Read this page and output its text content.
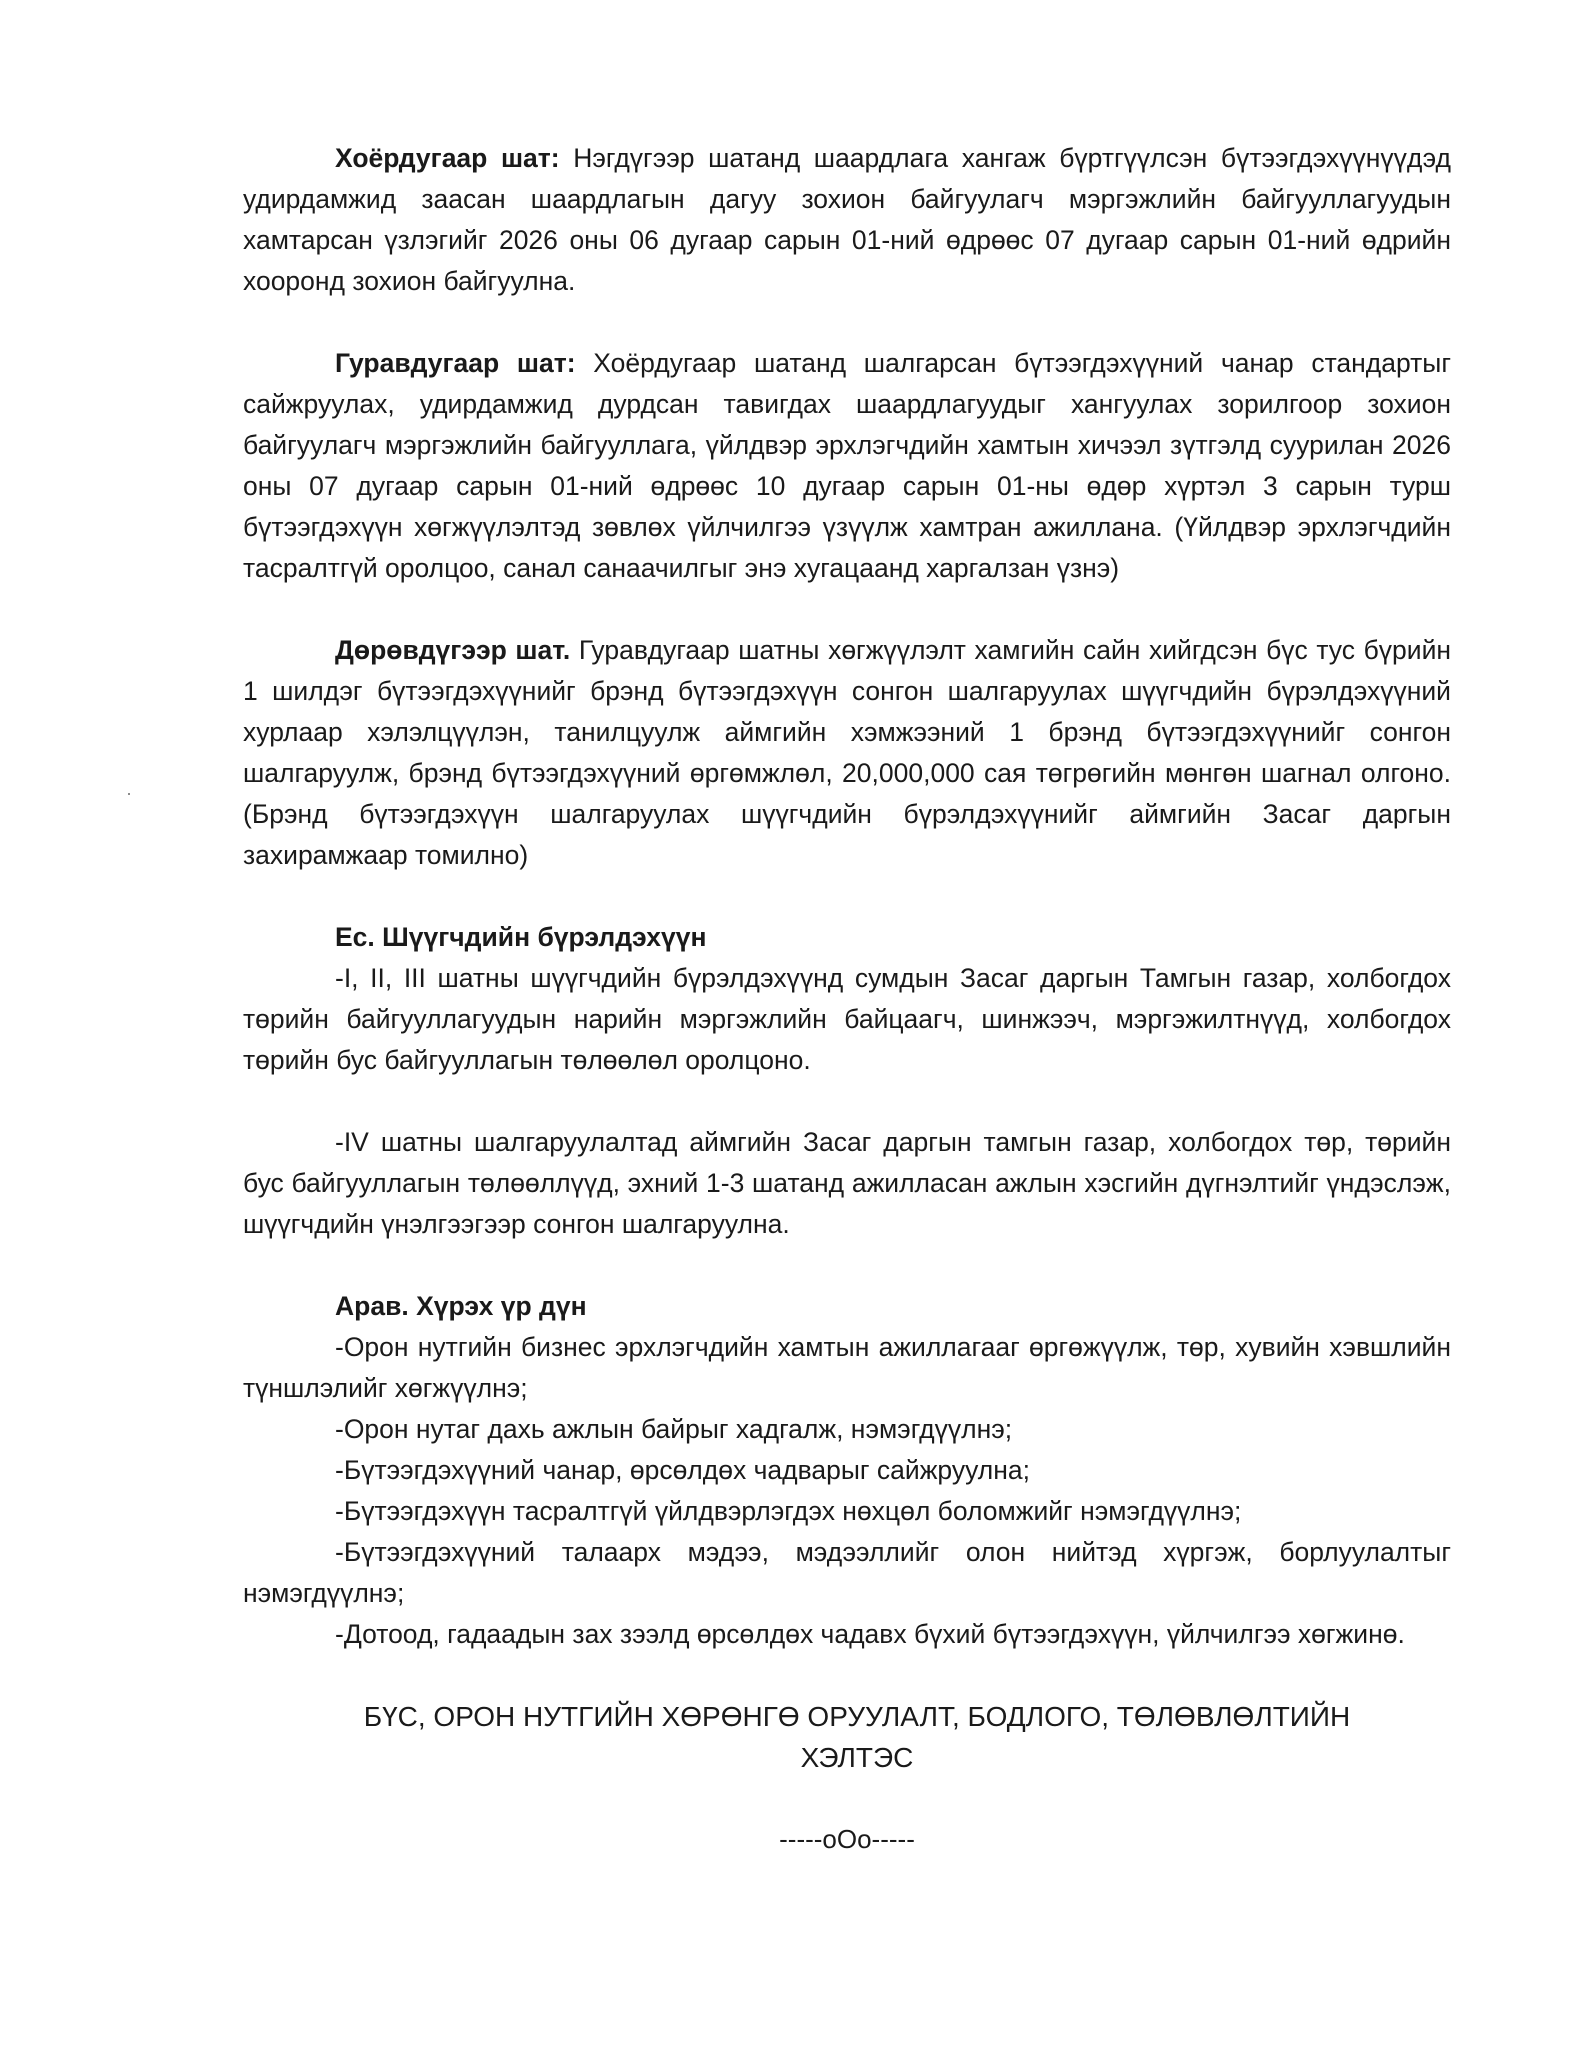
Хоёрдугаар шат: Нэгдүгээр шатанд шаардлага хангаж бүртгүүлсэн бүтээгдэхүүнүүдэд удирдамжид заасан шаардлагын дагуу зохион байгуулагч мэргэжлийн байгууллагуудын хамтарсан үзлэгийг 2026 оны 06 дугаар сарын 01-ний өдрөөс 07 дугаар сарын 01-ний өдрийн хооронд зохион байгуулна.

Гуравдугаар шат: Хоёрдугаар шатанд шалгарсан бүтээгдэхүүний чанар стандартыг сайжруулах, удирдамжид дурдсан тавигдах шаардлагуудыг хангуулах зорилгоор зохион байгуулагч мэргэжлийн байгууллага, үйлдвэр эрхлэгчдийн хамтын хичээл зүтгэлд суурилан 2026 оны 07 дугаар сарын 01-ний өдрөөс 10 дугаар сарын 01-ны өдөр хүртэл 3 сарын турш бүтээгдэхүүн хөгжүүлэлтэд зөвлөх үйлчилгээ үзүүлж хамтран ажиллана. (Үйлдвэр эрхлэгчдийн тасралтгүй оролцоо, санал санаачилгыг энэ хугацаанд харгалзан үзнэ)

Дөрөвдүгээр шат. Гуравдугаар шатны хөгжүүлэлт хамгийн сайн хийгдсэн бүс тус бүрийн 1 шилдэг бүтээгдэхүүнийг брэнд бүтээгдэхүүн сонгон шалгаруулах шүүгчдийн бүрэлдэхүүний хурлаар хэлэлцүүлэн, танилцуулж аймгийн хэмжээний 1 брэнд бүтээгдэхүүнийг сонгон шалгаруулж, брэнд бүтээгдэхүүний өргөмжлөл, 20,000,000 сая төгрөгийн мөнгөн шагнал олгоно. (Брэнд бүтээгдэхүүн шалгаруулах шүүгчдийн бүрэлдэхүүнийг аймгийн Засаг даргын захирамжаар томилно)

Ес. Шүүгчдийн бүрэлдэхүүн

-I, II, III шатны шүүгчдийн бүрэлдэхүүнд сумдын Засаг даргын Тамгын газар, холбогдох төрийн байгууллагуудын нарийн мэргэжлийн байцаагч, шинжээч, мэргэжилтнүүд, холбогдох төрийн бус байгууллагын төлөөлөл оролцоно.

-IV шатны шалгаруулалтад аймгийн Засаг даргын тамгын газар, холбогдох төр, төрийн бус байгууллагын төлөөллүүд, эхний 1-3 шатанд ажилласан ажлын хэсгийн дүгнэлтийг үндэслэж, шүүгчдийн үнэлгээгээр сонгон шалгаруулна.

Арав. Хүрэх үр дүн

-Орон нутгийн бизнес эрхлэгчдийн хамтын ажиллагааг өргөжүүлж, төр, хувийн хэвшлийн түншлэлийг хөгжүүлнэ;

-Орон нутаг дахь ажлын байрыг хадгалж, нэмэгдүүлнэ;

-Бүтээгдэхүүний чанар, өрсөлдөх чадварыг сайжруулна;

-Бүтээгдэхүүн тасралтгүй үйлдвэрлэгдэх нөхцөл боломжийг нэмэгдүүлнэ;

-Бүтээгдэхүүний талаарх мэдээ, мэдээллийг олон нийтэд хүргэж, борлуулалтыг нэмэгдүүлнэ;

-Дотоод, гадаадын зах зээлд өрсөлдөх чадавх бүхий бүтээгдэхүүн, үйлчилгээ хөгжинө.

БҮС, ОРОН НУТГИЙН ХӨРӨНГӨ ОРУУЛАЛТ, БОДЛОГО, ТӨЛӨВЛӨЛТИЙН

ХЭЛТЭС

-----oOo-----
